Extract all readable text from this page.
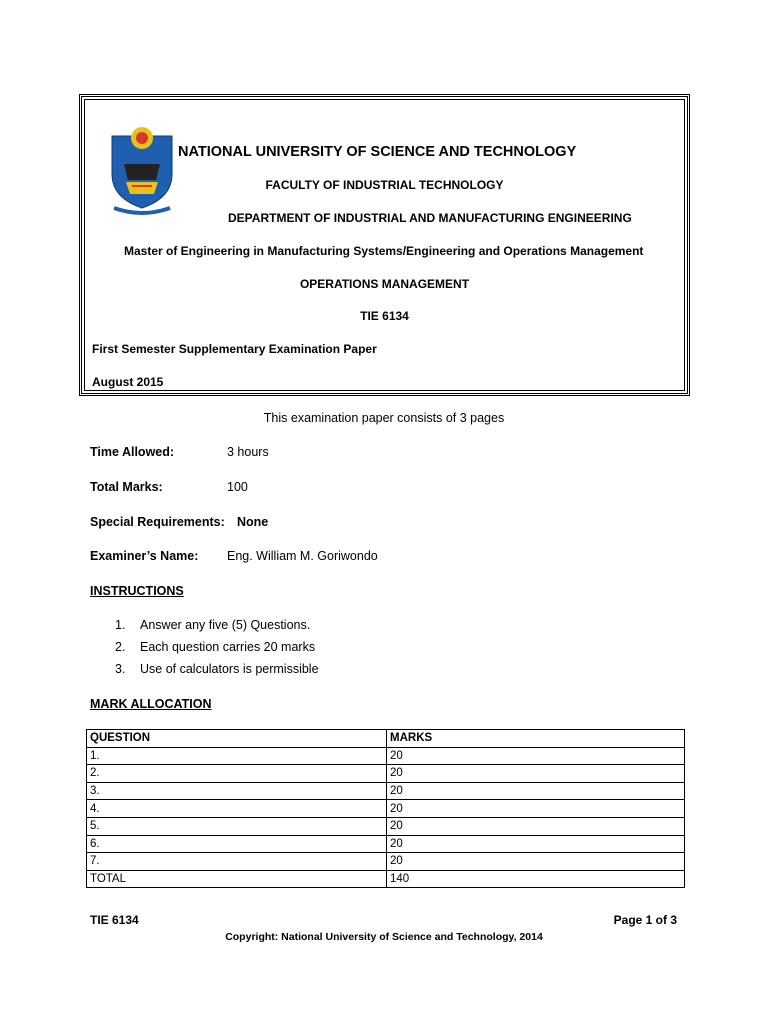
NATIONAL UNIVERSITY OF SCIENCE AND TECHNOLOGY
FACULTY OF INDUSTRIAL TECHNOLOGY
DEPARTMENT OF INDUSTRIAL AND MANUFACTURING ENGINEERING
Master of Engineering in Manufacturing Systems/Engineering and Operations Management
OPERATIONS MANAGEMENT
TIE 6134
First Semester Supplementary Examination Paper
August 2015
This examination paper consists of 3 pages
Time Allowed:	3 hours
Total Marks:	100
Special Requirements: None
Examiner’s Name: Eng. William M. Goriwondo
INSTRUCTIONS
1.	Answer any five (5) Questions.
2.	Each question carries 20 marks
3.	Use of calculators is permissible
MARK ALLOCATION
QUESTION	MARKS
1.	20
2.	20
3.	20
4.	20
5.	20
6.	20
7.	20
TOTAL	140
TIE 6134	Page 1 of 3
Copyright: National University of Science and Technology, 2014
